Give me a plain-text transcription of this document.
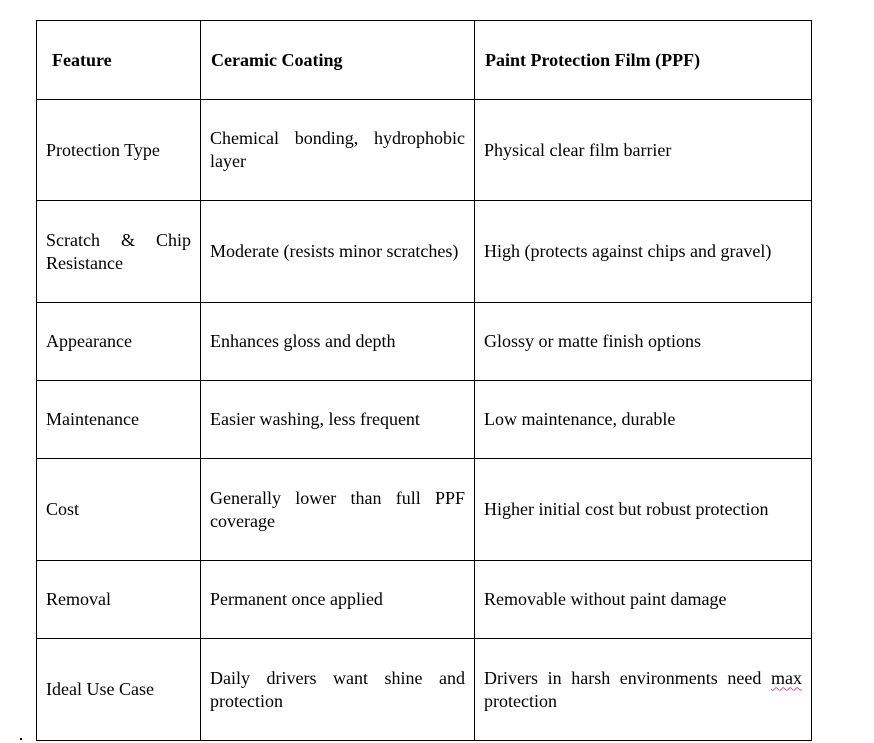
Feature	Ceramic Coating	Paint Protection Film (PPF)
Protection Type	Chemical bonding, hydrophobic layer	Physical clear film barrier
Scratch & Chip Resistance	Moderate (resists minor scratches)	High (protects against chips and gravel)
Appearance	Enhances gloss and depth	Glossy or matte finish options
Maintenance	Easier washing, less frequent	Low maintenance, durable
Cost	Generally lower than full PPF coverage	Higher initial cost but robust protection
Removal	Permanent once applied	Removable without paint damage
Ideal Use Case	Daily drivers want shine and protection	Drivers in harsh environments need max protection
